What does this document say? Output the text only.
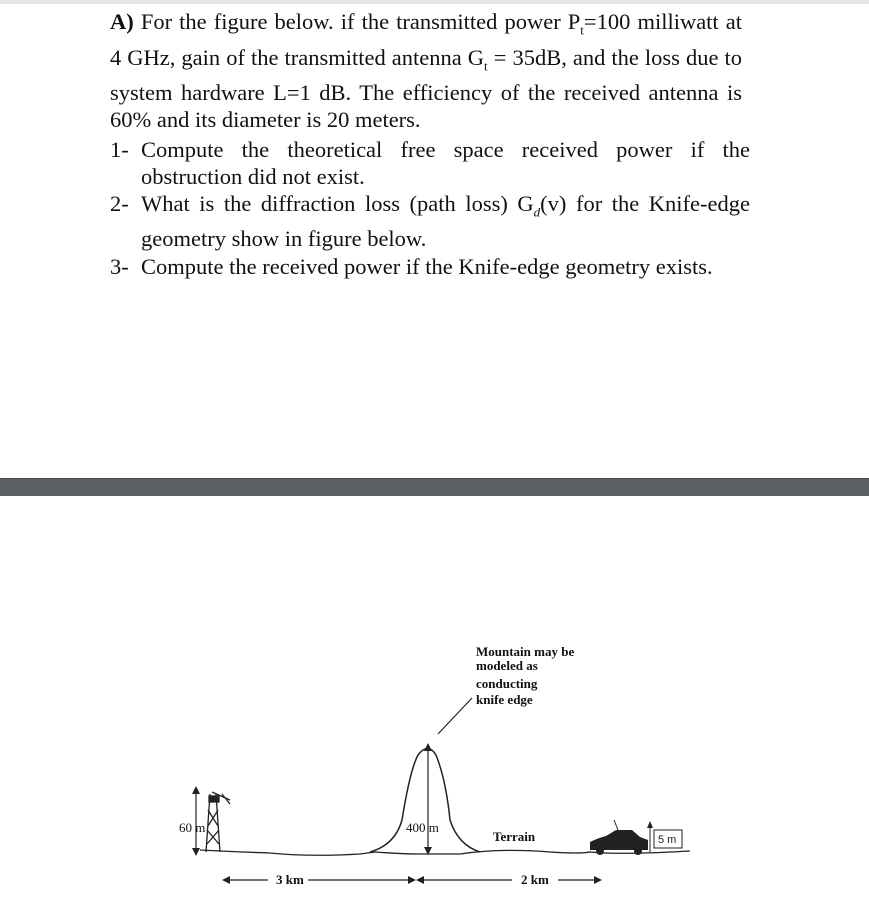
A) For the figure below. if the transmitted power $P_t=100$ milliwatt at 4 GHz, gain of the transmitted antenna $G_t = 35dB$, and the loss due to system hardware L=1 dB. The efficiency of the received antenna is 60% and its diameter is 20 meters.
1- Compute the theoretical free space received power if the obstruction did not exist.
2- What is the diffraction loss (path loss) $G_d(v)$ for the Knife-edge geometry show in figure below.
3- Compute the received power if the Knife-edge geometry exists.
Mountain may be
modeled as
conducting
knife edge
400 m
60 m
Terrain	5 m
3 km	2 km
